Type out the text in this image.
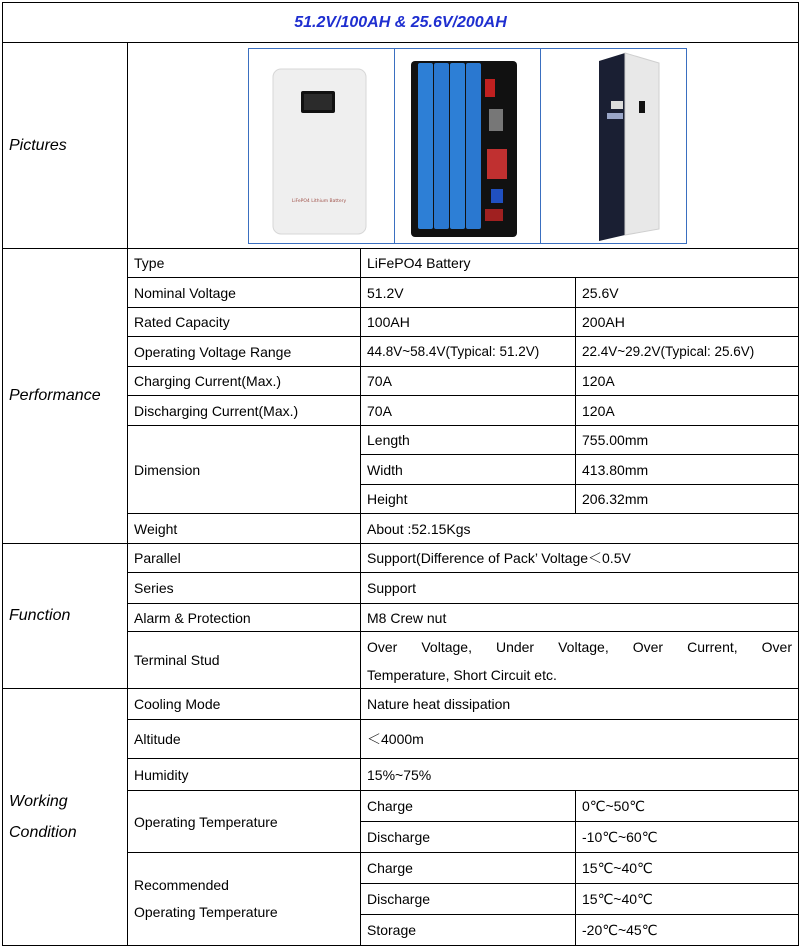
51.2V/100AH & 25.6V/200AH			
Pictures	LiFePO4 Lithium Battery		

Performance	Type	LiFePO4 Battery	
	Nominal Voltage	51.2V	25.6V
	Rated Capacity	100AH	200AH
	Operating Voltage Range	44.8V~58.4V(Typical: 51.2V)	22.4V~29.2V(Typical: 25.6V)
	Charging Current(Max.)	70A	120A
	Discharging Current(Max.)	70A	120A
	Dimension	Length	755.00mm
		Width	413.80mm
		Height	206.32mm
	Weight	About :52.15Kgs	
Function	Parallel	Support(Difference of Pack’ Voltage＜0.5V	
	Series	Support	
	Alarm & Protection	M8 Crew nut	
	Terminal Stud	Over Voltage, Under Voltage, Over Current, Over
Temperature, Short Circuit etc.	

Working
Condition	Cooling Mode	Nature heat dissipation	
	Altitude	＜4000m	
	Humidity	15%~75%	
	Operating Temperature	Charge	0℃~50℃
		Discharge	-10℃~60℃

	Recommended
Operating Temperature	Charge	15℃~40℃
		Discharge	15℃~40℃
		Storage	-20℃~45℃
